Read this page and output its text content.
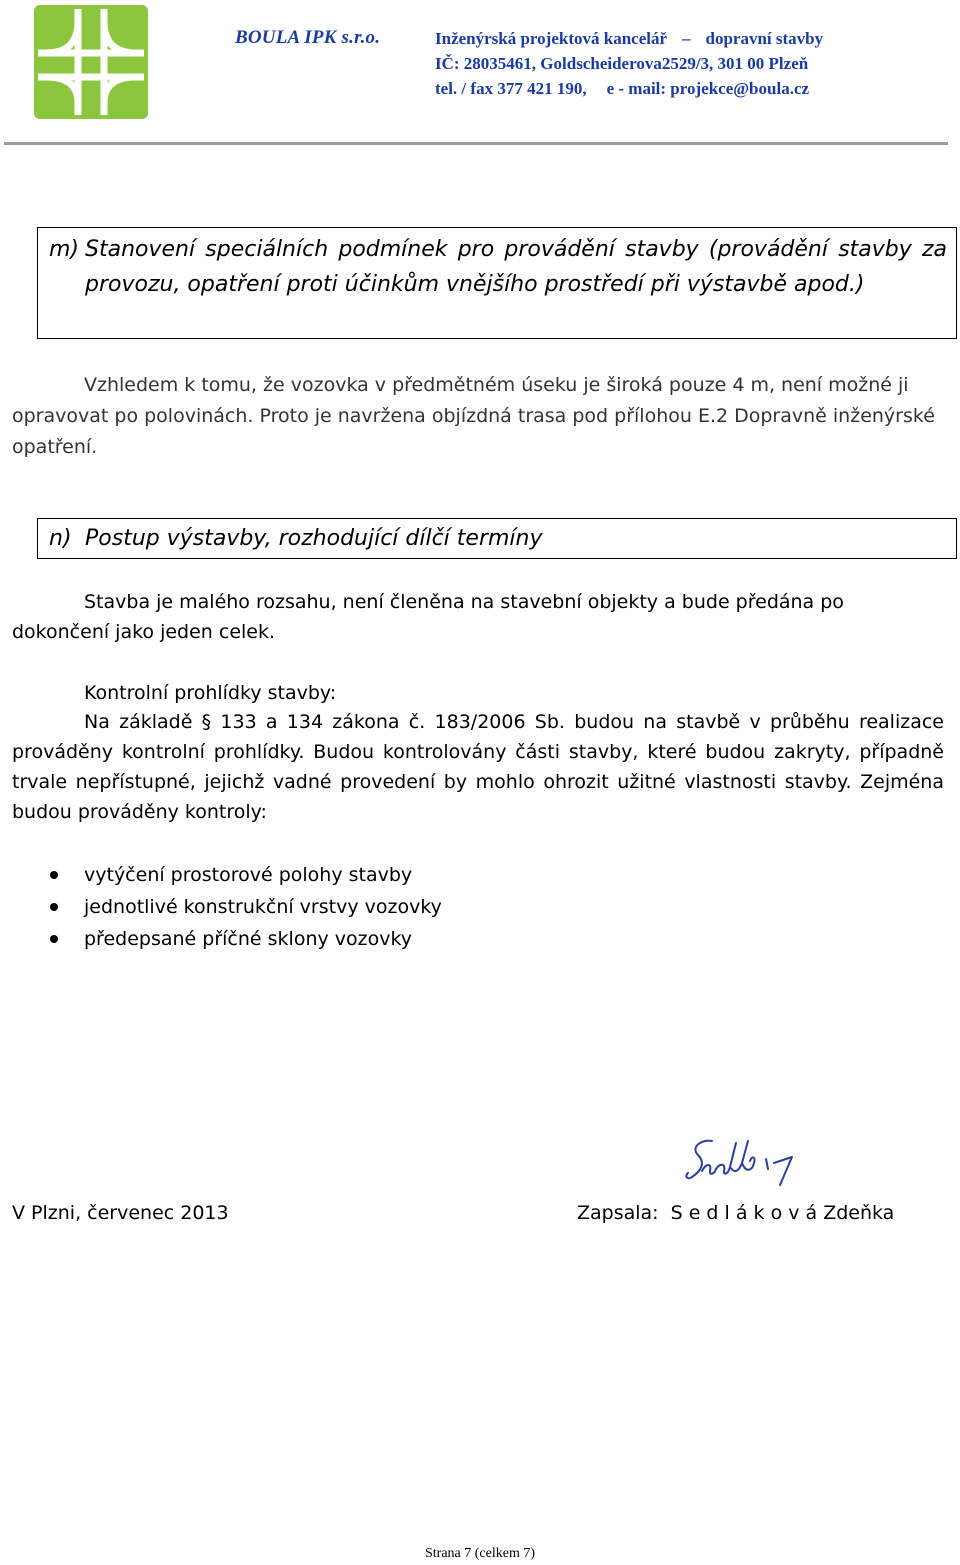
BOULA IPK s.r.o.	Inženýrská projektová kancelář – dopravní stavby
IČ: 28035461, Goldscheiderova2529/3, 301 00 Plzeň
tel. / fax 377 421 190, e - mail: projekce@boula.cz
m) Stanovení speciálních podmínek pro provádění stavby (provádění stavby za provozu, opatření proti účinkům vnějšího prostředí při výstavbě apod.)
Vzhledem k tomu, že vozovka v předmětném úseku je široká pouze 4 m, není možné ji opravovat po polovinách. Proto je navržena objízdná trasa pod přílohou E.2 Dopravně inženýrské opatření.
n) Postup výstavby, rozhodující dílčí termíny
Stavba je malého rozsahu, není členěna na stavební objekty a bude předána po dokončení jako jeden celek.
Kontrolní prohlídky stavby:
Na základě § 133 a 134 zákona č. 183/2006 Sb. budou na stavbě v průběhu realizace prováděny kontrolní prohlídky. Budou kontrolovány části stavby, které budou zakryty, případně trvale nepřístupné, jejichž vadné provedení by mohlo ohrozit užitné vlastnosti stavby. Zejména budou prováděny kontroly:
vytýčení prostorové polohy stavby
jednotlivé konstrukční vrstvy vozovky
předepsané příčné sklony vozovky
V Plzni, červenec 2013	Zapsala: S e d l á k o v á Zdeňka
Strana 7 (celkem 7)
